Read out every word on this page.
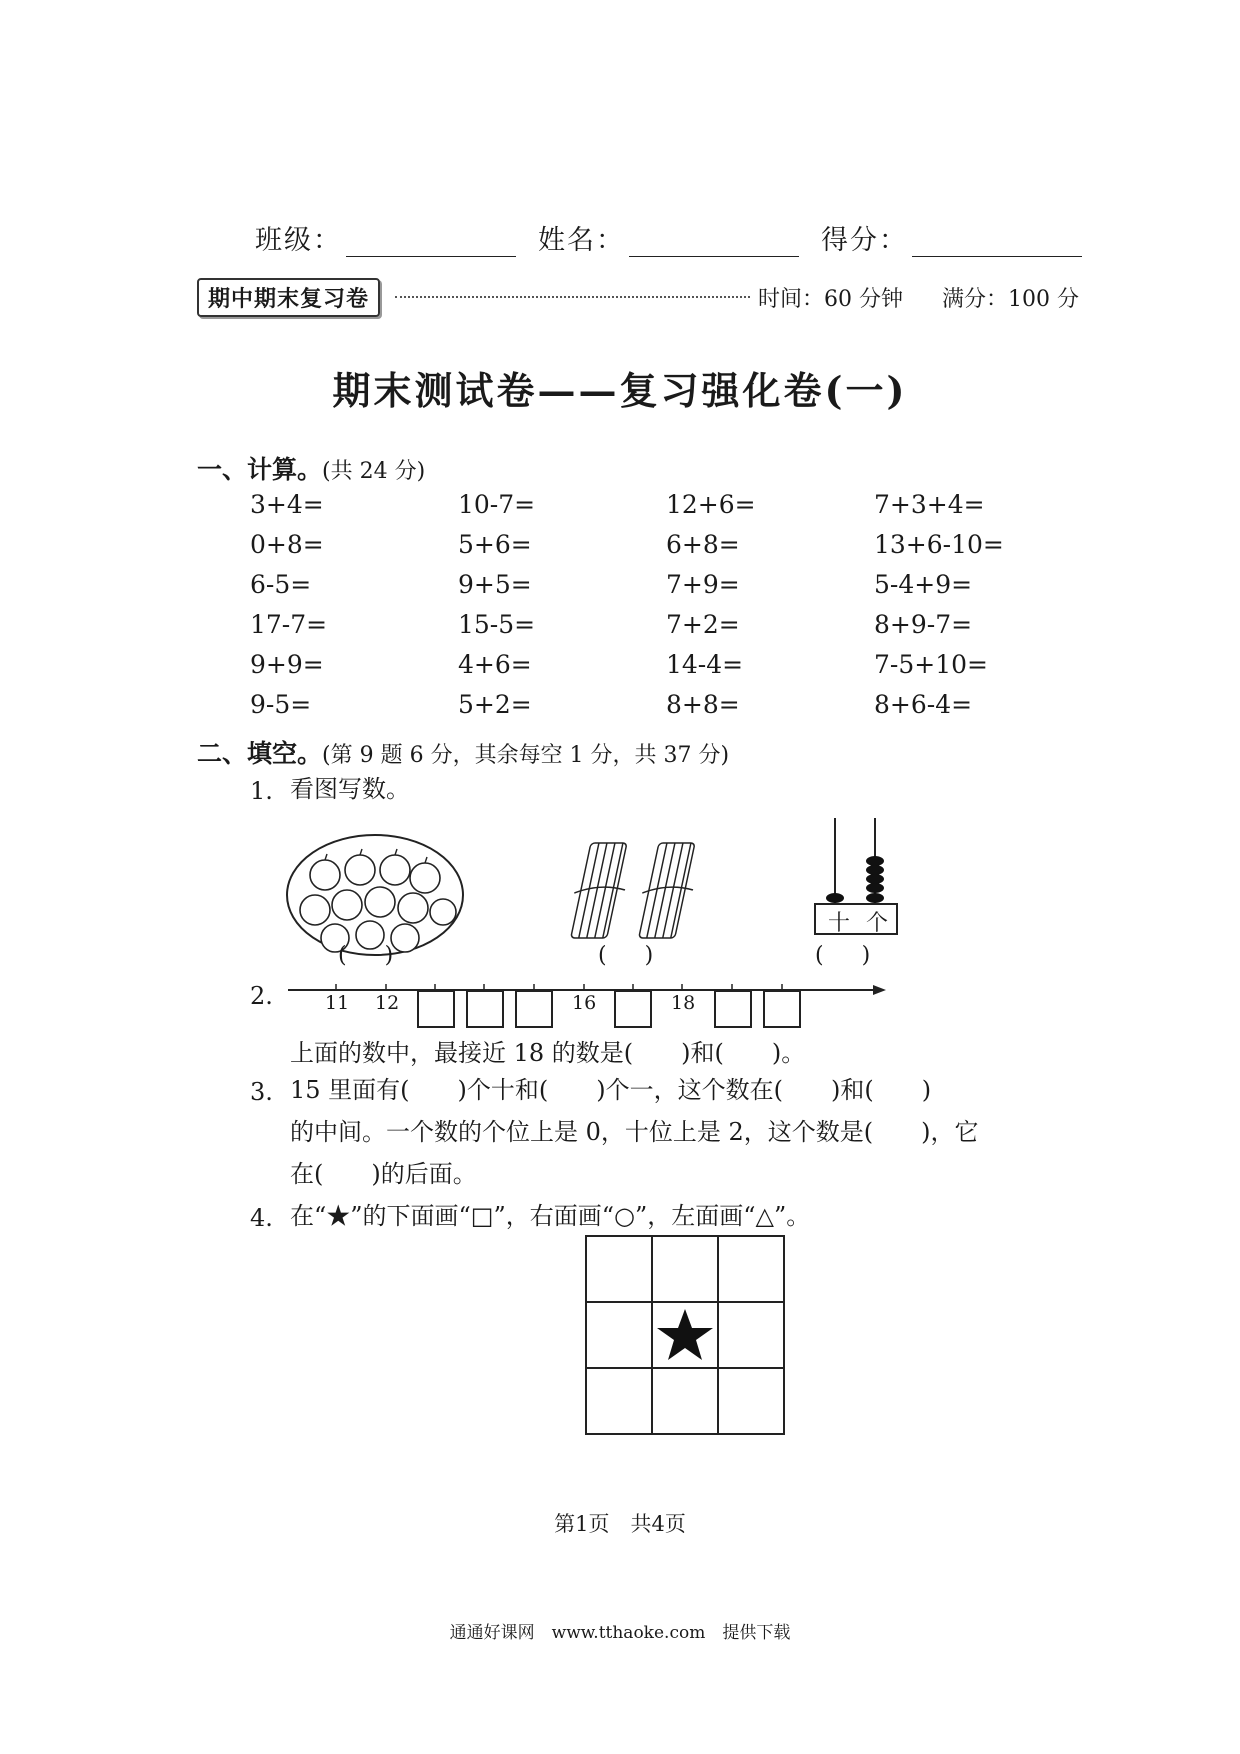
班级：	姓名：	得分：
期中期末复习卷	时间：60 分钟 满分：100 分
期末测试卷——复习强化卷(一)
一、计算。(共 24 分)
3+4=	10-7=	12+6=	7+3+4=
0+8=	5+6=	6+8=	13+6-10=
6-5=	9+5=	7+9=	5-4+9=
17-7=	15-5=	7+2=	8+9-7=
9+9=	4+6=	14-4=	7-5+10=
9-5=	5+2=	8+8=	8+6-4=
二、填空。(第 9 题 6 分，其余每空 1 分，共 37 分)
1. 看图写数。
()	()
十 个
()
2.	11 12	16	18
上面的数中，最接近 18 的数是(　　)和(　　)。
3. 15 里面有(　　)个十和(　　)个一，这个数在(　　)和(　　)
的中间。一个数的个位上是 0，十位上是 2，这个数是(　　)，它
在(　　)的后面。
4. 在“★”的下面画“□”，右面画“○”，左面画“△”。
第1页　共4页
通通好课网　www.tthaoke.com　提供下载
